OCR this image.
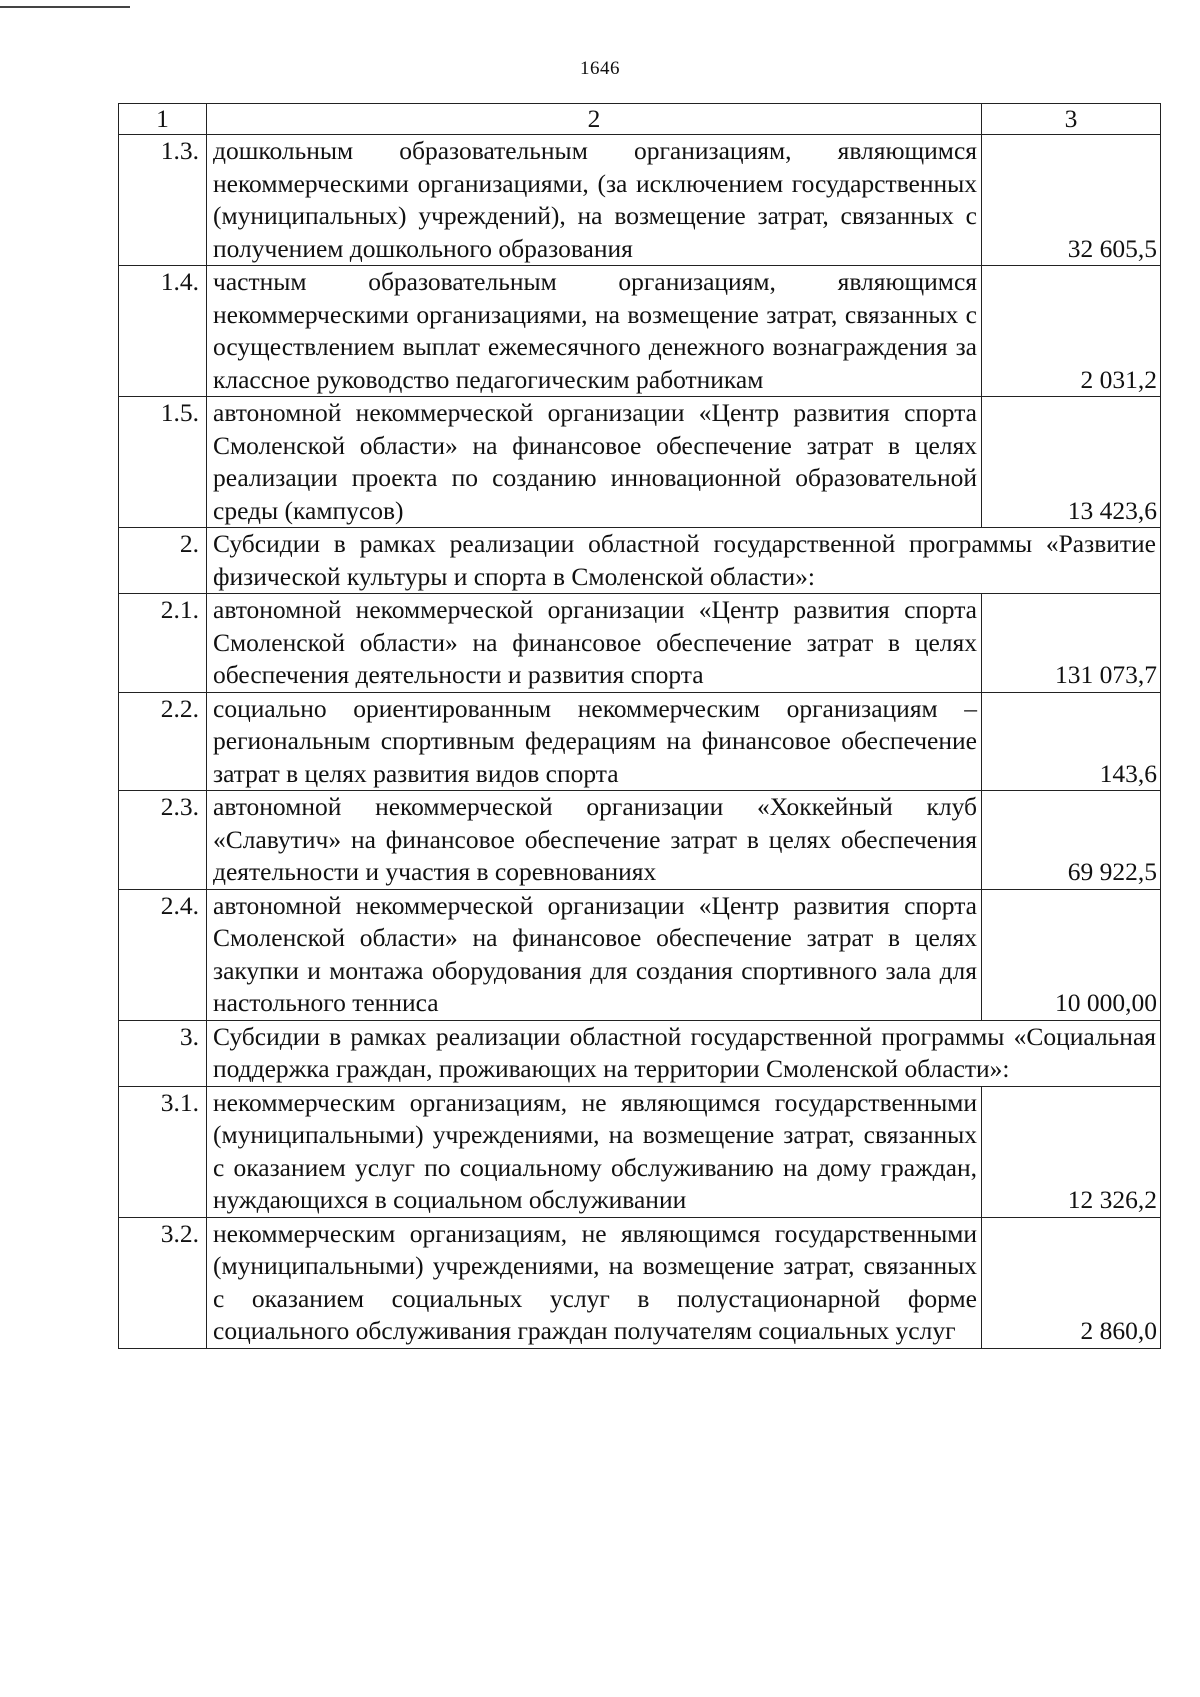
1646
1	2	3
1.3.	дошкольным образовательным организациям, являющимся некоммерческими организациями, (за исключением государственных (муниципальных) учреждений), на возмещение затрат, связанных с получением дошкольного образования	32 605,5
1.4.	частным образовательным организациям, являющимся некоммерческими организациями, на возмещение затрат, связанных с осуществлением выплат ежемесячного денежного вознаграждения за классное руководство педагогическим работникам	2 031,2
1.5.	автономной некоммерческой организации «Центр развития спорта Смоленской области» на финансовое обеспечение затрат в целях реализации проекта по созданию инновационной образовательной среды (кампусов)	13 423,6
2.	Субсидии в рамках реализации областной государственной программы «Развитие физической культуры и спорта в Смоленской области»:	
2.1.	автономной некоммерческой организации «Центр развития спорта Смоленской области» на финансовое обеспечение затрат в целях обеспечения деятельности и развития спорта	131 073,7
2.2.	социально ориентированным некоммерческим организациям – региональным спортивным федерациям на финансовое обеспечение затрат в целях развития видов спорта	143,6
2.3.	автономной некоммерческой организации «Хоккейный клуб «Славутич» на финансовое обеспечение затрат в целях обеспечения деятельности и участия в соревнованиях	69 922,5
2.4.	автономной некоммерческой организации «Центр развития спорта Смоленской области» на финансовое обеспечение затрат в целях закупки и монтажа оборудования для создания спортивного зала для настольного тенниса	10 000,00
3.	Субсидии в рамках реализации областной государственной программы «Социальная поддержка граждан, проживающих на территории Смоленской области»:	
3.1.	некоммерческим организациям, не являющимся государственными (муниципальными) учреждениями, на возмещение затрат, связанных с оказанием услуг по социальному обслуживанию на дому граждан, нуждающихся в социальном обслуживании	12 326,2
3.2.	некоммерческим организациям, не являющимся государственными (муниципальными) учреждениями, на возмещение затрат, связанных с оказанием социальных услуг в полустационарной форме социального обслуживания граждан получателям социальных услуг	2 860,0
